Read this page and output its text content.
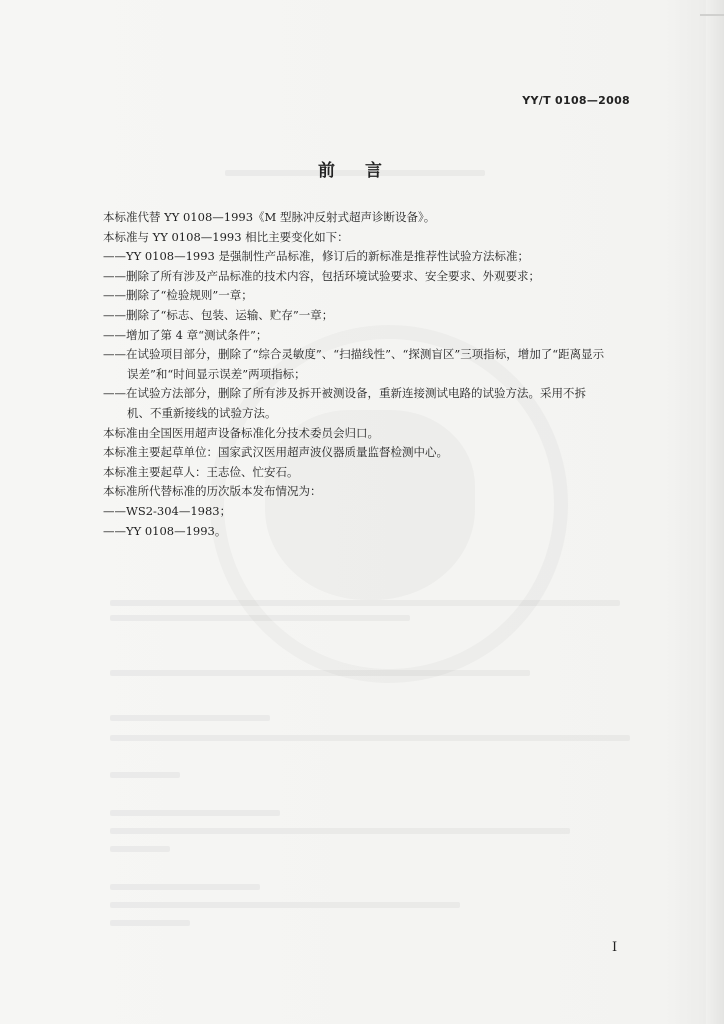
YY/T 0108—2008
前言
本标准代替 YY 0108—1993《M 型脉冲反射式超声诊断设备》。
本标准与 YY 0108—1993 相比主要变化如下：
——YY 0108—1993 是强制性产品标准，修订后的新标准是推荐性试验方法标准；
——删除了所有涉及产品标准的技术内容，包括环境试验要求、安全要求、外观要求；
——删除了“检验规则”一章；
——删除了“标志、包装、运输、贮存”一章；
——增加了第 4 章“测试条件”；
——在试验项目部分，删除了“综合灵敏度”、“扫描线性”、“探测盲区”三项指标，增加了“距离显示
误差”和“时间显示误差”两项指标；
——在试验方法部分，删除了所有涉及拆开被测设备，重新连接测试电路的试验方法。采用不拆
机、不重新接线的试验方法。
本标准由全国医用超声设备标准化分技术委员会归口。
本标准主要起草单位：国家武汉医用超声波仪器质量监督检测中心。
本标准主要起草人：王志俭、忙安石。
本标准所代替标准的历次版本发布情况为：
——WS2-304—1983；
——YY 0108—1993。
I
